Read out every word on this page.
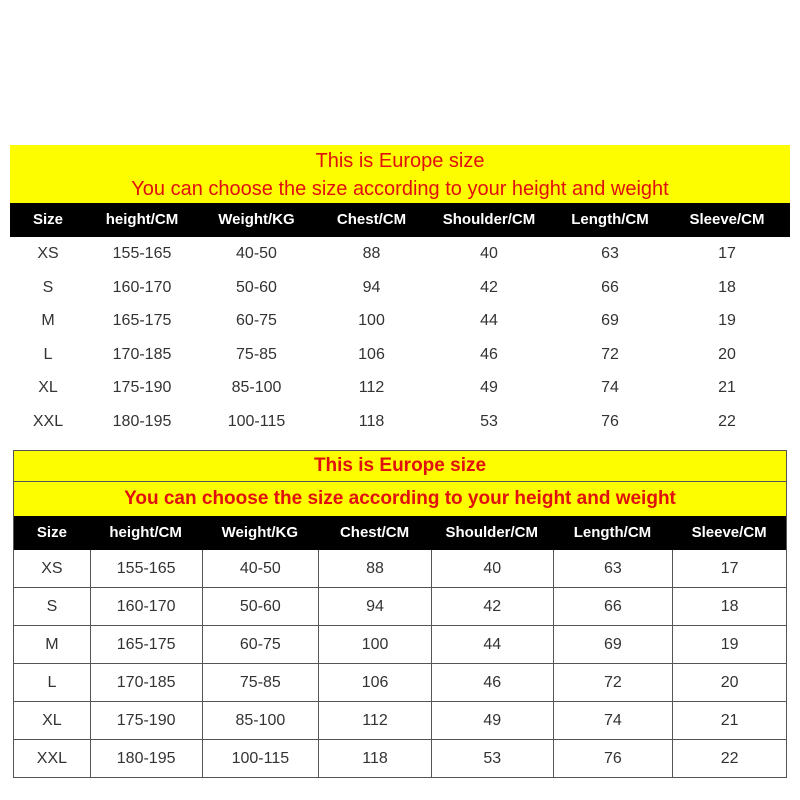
This is Europe size
You can choose the size according to your height and weight
Size	height/CM	Weight/KG	Chest/CM	Shoulder/CM	Length/CM	Sleeve/CM
XS	155-165	40-50	88	40	63	17
S	160-170	50-60	94	42	66	18
M	165-175	60-75	100	44	69	19
L	170-185	75-85	106	46	72	20
XL	175-190	85-100	112	49	74	21
XXL	180-195	100-115	118	53	76	22
This is Europe size
You can choose the size according to your height and weight
Size	height/CM	Weight/KG	Chest/CM	Shoulder/CM	Length/CM	Sleeve/CM
XS	155-165	40-50	88	40	63	17
S	160-170	50-60	94	42	66	18
M	165-175	60-75	100	44	69	19
L	170-185	75-85	106	46	72	20
XL	175-190	85-100	112	49	74	21
XXL	180-195	100-115	118	53	76	22
